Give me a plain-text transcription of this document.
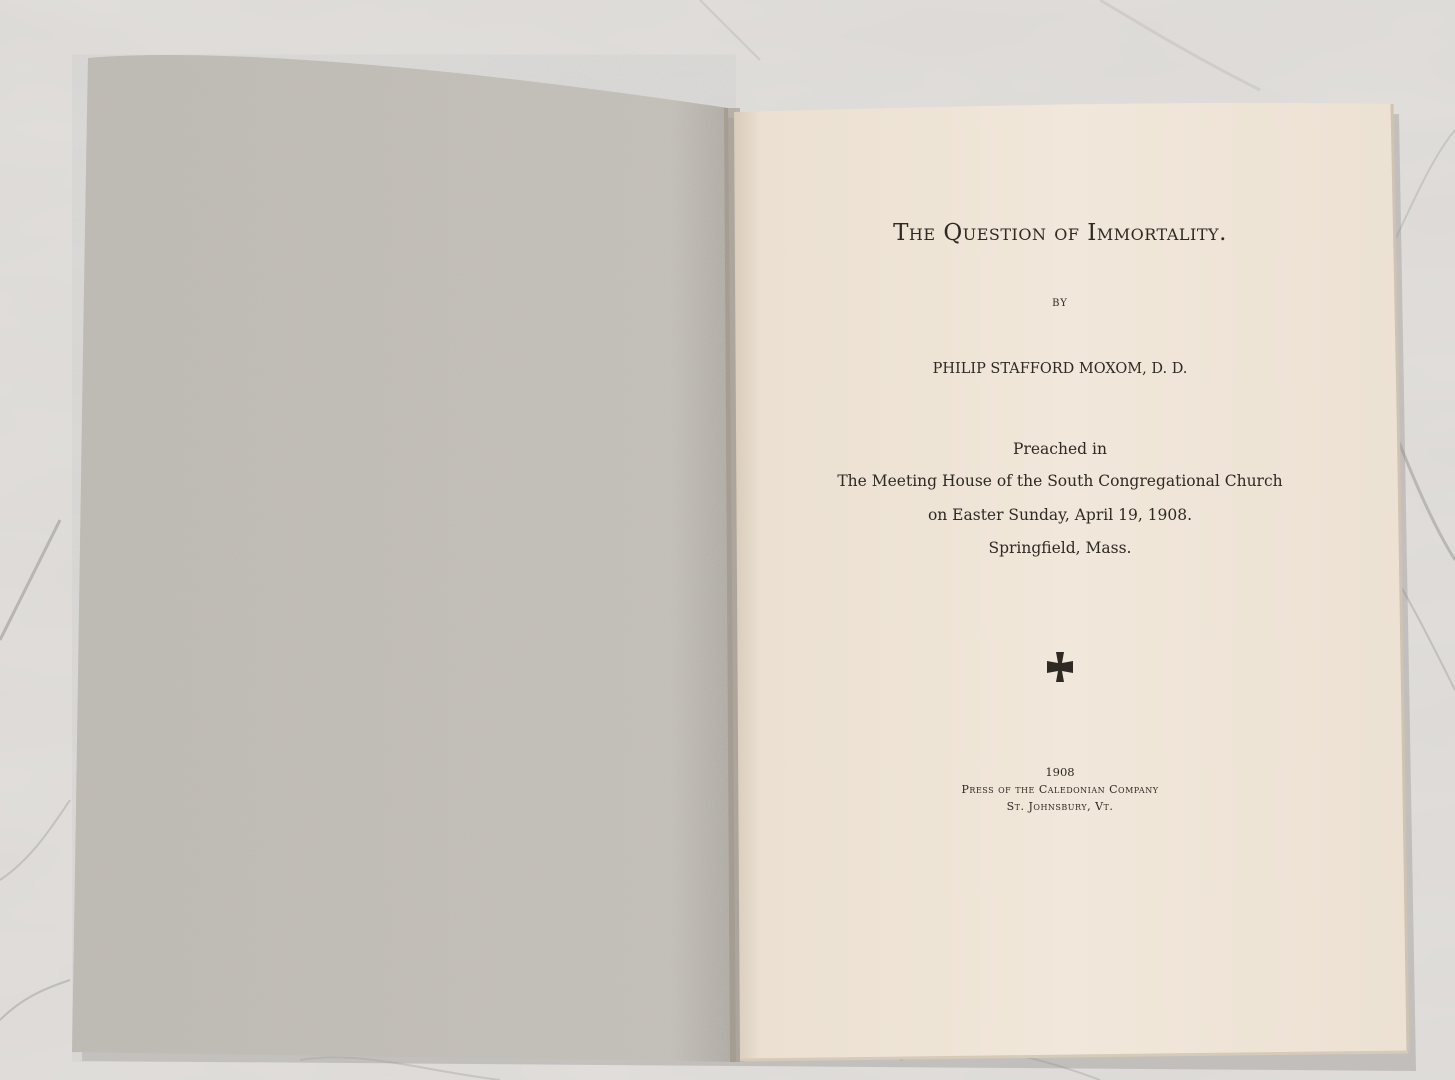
The Question of Immortality.
BY
PHILIP STAFFORD MOXOM, D. D.
Preached in
The Meeting House of the South Congregational Church
on Easter Sunday, April 19, 1908.
Springfield, Mass.
1908
Press of the Caledonian Company
St. Johnsbury, Vt.
